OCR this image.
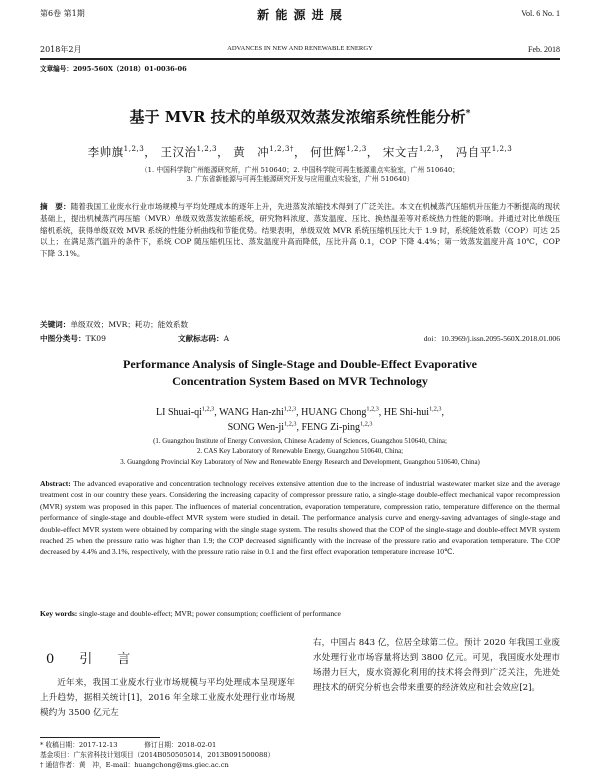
第6卷 第1期
2018年2月
新 能 源 进 展
ADVANCES IN NEW AND RENEWABLE ENERGY
Vol. 6 No. 1
Feb. 2018
文章编号：2095-560X（2018）01-0036-06
基于 MVR 技术的单级双效蒸发浓缩系统性能分析*
李帅旗$^{1,2,3}$， 王汉治$^{1,2,3}$， 黄　冲$^{1,2,3\dagger}$， 何世辉$^{1,2,3}$， 宋文吉$^{1,2,3}$， 冯自平$^{1,2,3}$
（1. 中国科学院广州能源研究所，广州 510640；2. 中国科学院可再生能源重点实验室，广州 510640；
3. 广东省新能源与可再生能源研究开发与应用重点实验室，广州 510640）
摘　要：随着我国工业废水行业市场规模与平均处理成本的逐年上升，先进蒸发浓缩技术得到了广泛关注。本文在机械蒸汽压缩机升压能力不断提高的现状基础上，提出机械蒸汽再压缩（MVR）单级双效蒸发浓缩系统，研究物料浓度、蒸发温度、压比、换热温差等对系统热力性能的影响。并通过对比单级压缩机系统，获得单级双效 MVR 系统的性能分析曲线和节能优势。结果表明，单级双效 MVR 系统压缩机压比大于 1.9 时，系统能效系数（COP）可达 25 以上；在满足蒸汽温升的条件下，系统 COP 随压缩机压比、蒸发温度升高而降低，压比升高 0.1，COP 下降 4.4%；第一效蒸发温度升高 10℃，COP 下降 3.1%。
关键词：单级双效；MVR；耗功；能效系数
中图分类号：TK09	文献标志码：A	doi：10.3969/j.issn.2095-560X.2018.01.006
Performance Analysis of Single-Stage and Double-Effect Evaporative
Concentration System Based on MVR Technology
LI Shuai-qi$^{1,2,3}$, WANG Han-zhi$^{1,2,3}$, HUANG Chong$^{1,2,3}$, HE Shi-hui$^{1,2,3}$,
SONG Wen-ji$^{1,2,3}$, FENG Zi-ping$^{1,2,3}$
(1. Guangzhou Institute of Energy Conversion, Chinese Academy of Sciences, Guangzhou 510640, China;
2. CAS Key Laboratory of Renewable Energy, Guangzhou 510640, China;
3. Guangdong Provincial Key Laboratory of New and Renewable Energy Research and Development, Guangzhou 510640, China)
Abstract: The advanced evaporative and concentration technology receives extensive attention due to the increase of industrial wastewater market size and the average treatment cost in our country these years. Considering the increasing capacity of compressor pressure ratio, a single-stage double-effect mechanical vapor recompression (MVR) system was proposed in this paper. The influences of material concentration, evaporation temperature, compression ratio, temperature difference on the thermal performance of single-stage and double-effect MVR system were studied in detail. The performance analysis curve and energy-saving advantages of single-stage and double-effect MVR system were obtained by comparing with the single stage system. The results showed that the COP of the single-stage and double-effect MVR system reached 25 when the pressure ratio was higher than 1.9; the COP decreased significantly with the increase of the pressure ratio and evaporation temperature. The COP decreased by 4.4% and 3.1%, respectively, with the pressure ratio raise in 0.1 and the first effect evaporation temperature increase 10℃.
Key words: single-stage and double-effect; MVR; power consumption; coefficient of performance
0　引　言
近年来，我国工业废水行业市场规模与平均处理成本呈现逐年上升趋势，据相关统计[1]，2016 年全球工业废水处理行业市场规模约为 3500 亿元左
右，中国占 843 亿，位居全球第二位。预计 2020 年我国工业废水处理行业市场容量将达到 3800 亿元。可见，我国废水处理市场潜力巨大，废水资源化利用的技术将会得到广泛关注，先进处理技术的研究分析也会带来重要的经济效应和社会效应[2]。
* 收稿日期：2017-12-13　　　　	修订日期：2018-02-01
基金项目：广东省科技计划项目（2014B050505014，2013B091500088）
† 通信作者：黄　冲，E-mail：huangchong@ms.giec.ac.cn
